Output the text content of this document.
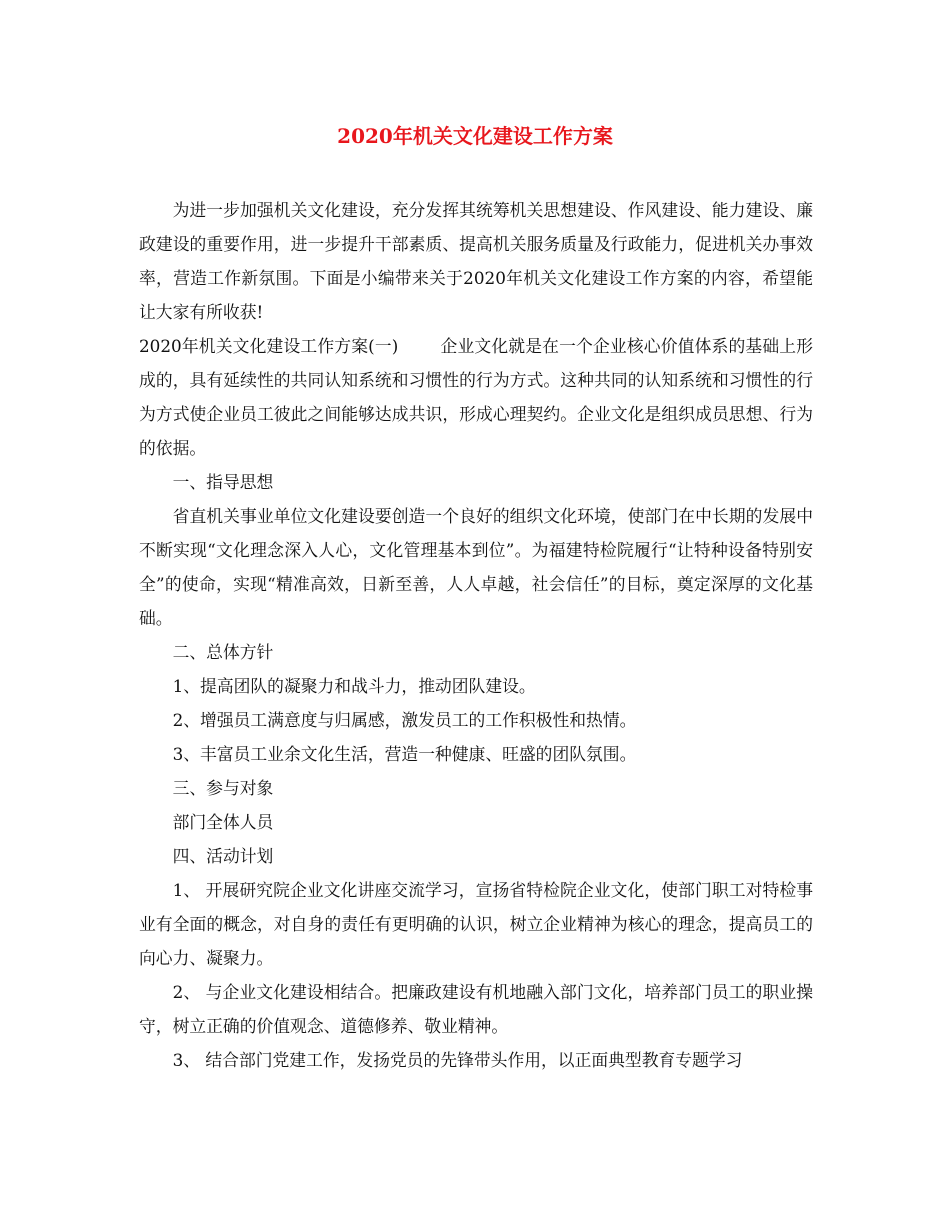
2020年机关文化建设工作方案

为进一步加强机关文化建设，充分发挥其统筹机关思想建设、作风建设、能力建设、廉政建设的重要作用，进一步提升干部素质、提高机关服务质量及行政能力，促进机关办事效率，营造工作新氛围。下面是小编带来关于2020年机关文化建设工作方案的内容，希望能让大家有所收获!

2020年机关文化建设工作方案(一)	企业文化就是在一个企业核心价值体系的基础上形成的，具有延续性的共同认知系统和习惯性的行为方式。这种共同的认知系统和习惯性的行为方式使企业员工彼此之间能够达成共识，形成心理契约。企业文化是组织成员思想、行为的依据。

一、指导思想

省直机关事业单位文化建设要创造一个良好的组织文化环境，使部门在中长期的发展中不断实现“文化理念深入人心，文化管理基本到位”。为福建特检院履行“让特种设备特别安全”的使命，实现“精准高效，日新至善，人人卓越，社会信任”的目标，奠定深厚的文化基础。

二、总体方针

1、提高团队的凝聚力和战斗力，推动团队建设。

2、增强员工满意度与归属感，激发员工的工作积极性和热情。

3、丰富员工业余文化生活，营造一种健康、旺盛的团队氛围。

三、参与对象

部门全体人员

四、活动计划

1、 开展研究院企业文化讲座交流学习，宣扬省特检院企业文化，使部门职工对特检事业有全面的概念，对自身的责任有更明确的认识，树立企业精神为核心的理念，提高员工的向心力、凝聚力。

2、 与企业文化建设相结合。把廉政建设有机地融入部门文化，培养部门员工的职业操守，树立正确的价值观念、道德修养、敬业精神。

3、 结合部门党建工作，发扬党员的先锋带头作用，以正面典型教育专题学习
